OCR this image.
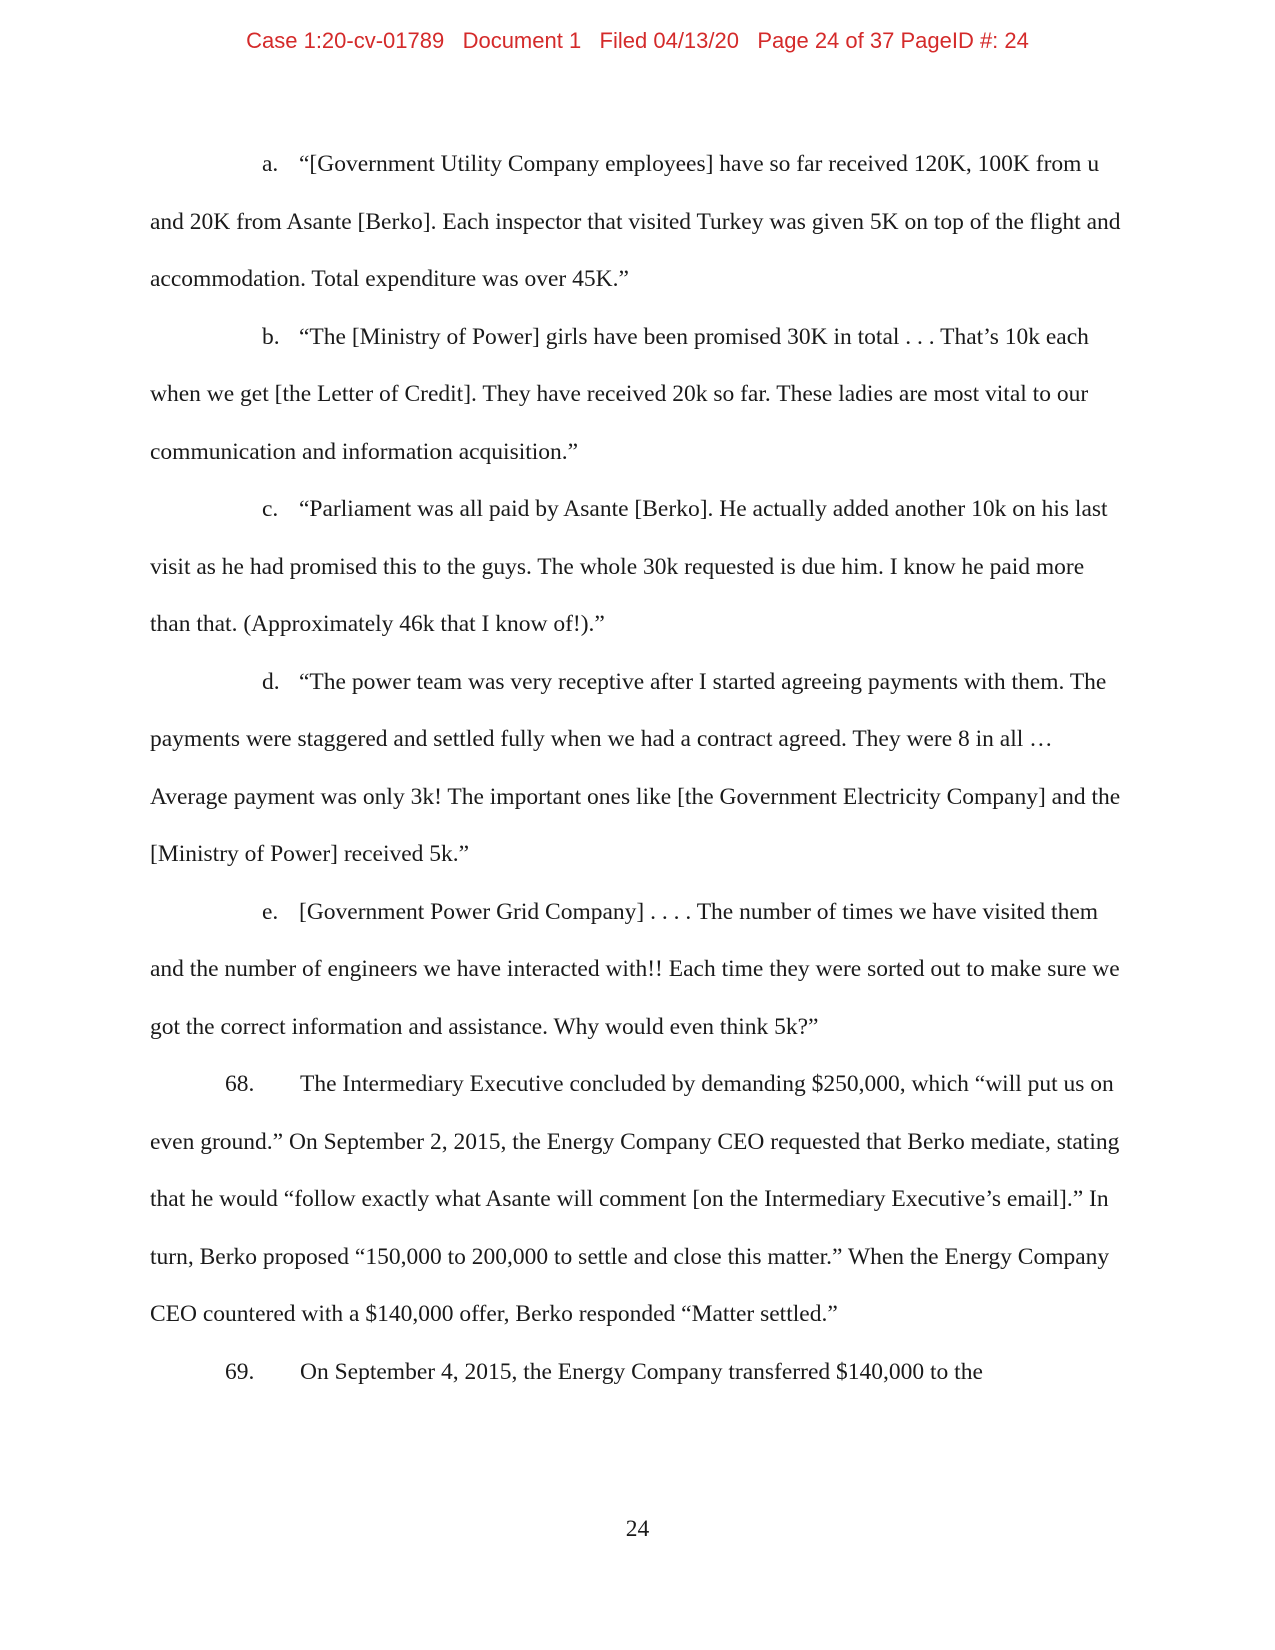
Case 1:20-cv-01789 Document 1 Filed 04/13/20 Page 24 of 37 PageID #: 24

a. “[Government Utility Company employees] have so far received 120K, 100K from u and 20K from Asante [Berko]. Each inspector that visited Turkey was given 5K on top of the flight and accommodation. Total expenditure was over 45K.”

b. “The [Ministry of Power] girls have been promised 30K in total . . . That’s 10k each when we get [the Letter of Credit]. They have received 20k so far. These ladies are most vital to our communication and information acquisition.”

c. “Parliament was all paid by Asante [Berko]. He actually added another 10k on his last visit as he had promised this to the guys. The whole 30k requested is due him. I know he paid more than that. (Approximately 46k that I know of!).”

d. “The power team was very receptive after I started agreeing payments with them. The payments were staggered and settled fully when we had a contract agreed. They were 8 in all … Average payment was only 3k! The important ones like [the Government Electricity Company] and the [Ministry of Power] received 5k.”

e. [Government Power Grid Company] . . . . The number of times we have visited them and the number of engineers we have interacted with!! Each time they were sorted out to make sure we got the correct information and assistance. Why would even think 5k?”

68. The Intermediary Executive concluded by demanding $250,000, which “will put us on even ground.” On September 2, 2015, the Energy Company CEO requested that Berko mediate, stating that he would “follow exactly what Asante will comment [on the Intermediary Executive’s email].” In turn, Berko proposed “150,000 to 200,000 to settle and close this matter.” When the Energy Company CEO countered with a $140,000 offer, Berko responded “Matter settled.”

69. On September 4, 2015, the Energy Company transferred $140,000 to the

24
